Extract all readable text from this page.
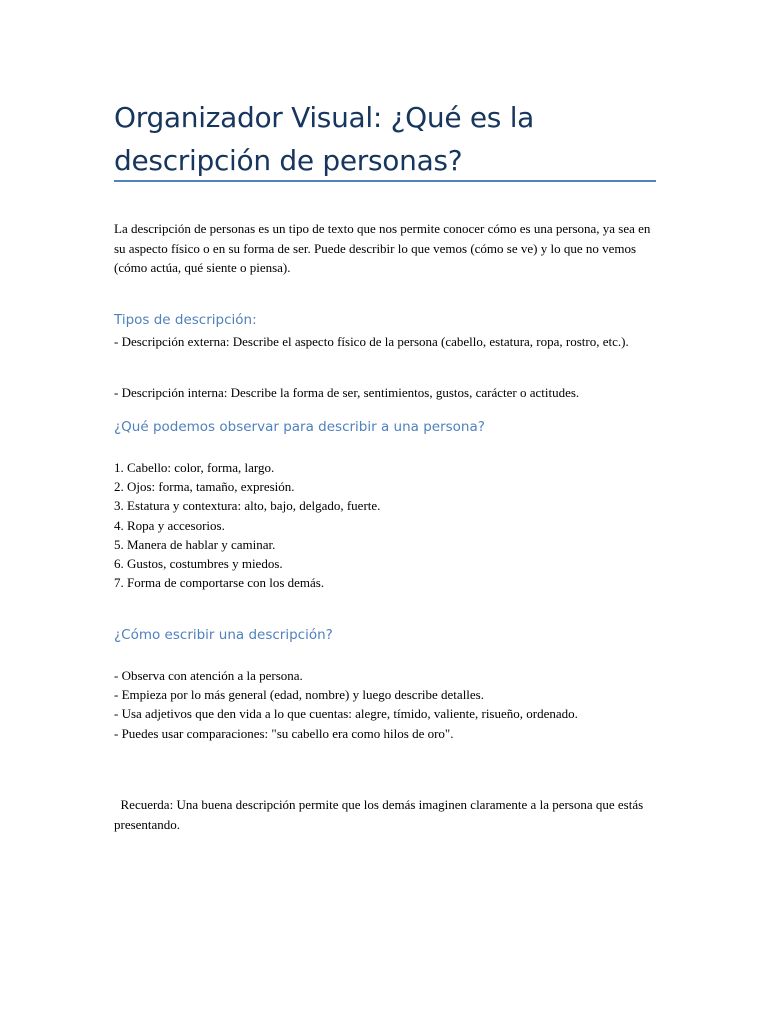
Organizador Visual: ¿Qué es la descripción de personas?

La descripción de personas es un tipo de texto que nos permite conocer cómo es una persona, ya sea en su aspecto físico o en su forma de ser. Puede describir lo que vemos (cómo se ve) y lo que no vemos (cómo actúa, qué siente o piensa).

Tipos de descripción:

- Descripción externa: Describe el aspecto físico de la persona (cabello, estatura, ropa, rostro, etc.).

- Descripción interna: Describe la forma de ser, sentimientos, gustos, carácter o actitudes.

¿Qué podemos observar para describir a una persona?
1. Cabello: color, forma, largo.
2. Ojos: forma, tamaño, expresión.
3. Estatura y contextura: alto, bajo, delgado, fuerte.
4. Ropa y accesorios.
5. Manera de hablar y caminar.
6. Gustos, costumbres y miedos.
7. Forma de comportarse con los demás.
¿Cómo escribir una descripción?
- Observa con atención a la persona.
- Empieza por lo más general (edad, nombre) y luego describe detalles.
- Usa adjetivos que den vida a lo que cuentas: alegre, tímido, valiente, risueño, ordenado.
- Puedes usar comparaciones: "su cabello era como hilos de oro".

Recuerda: Una buena descripción permite que los demás imaginen claramente a la persona que estás presentando.
